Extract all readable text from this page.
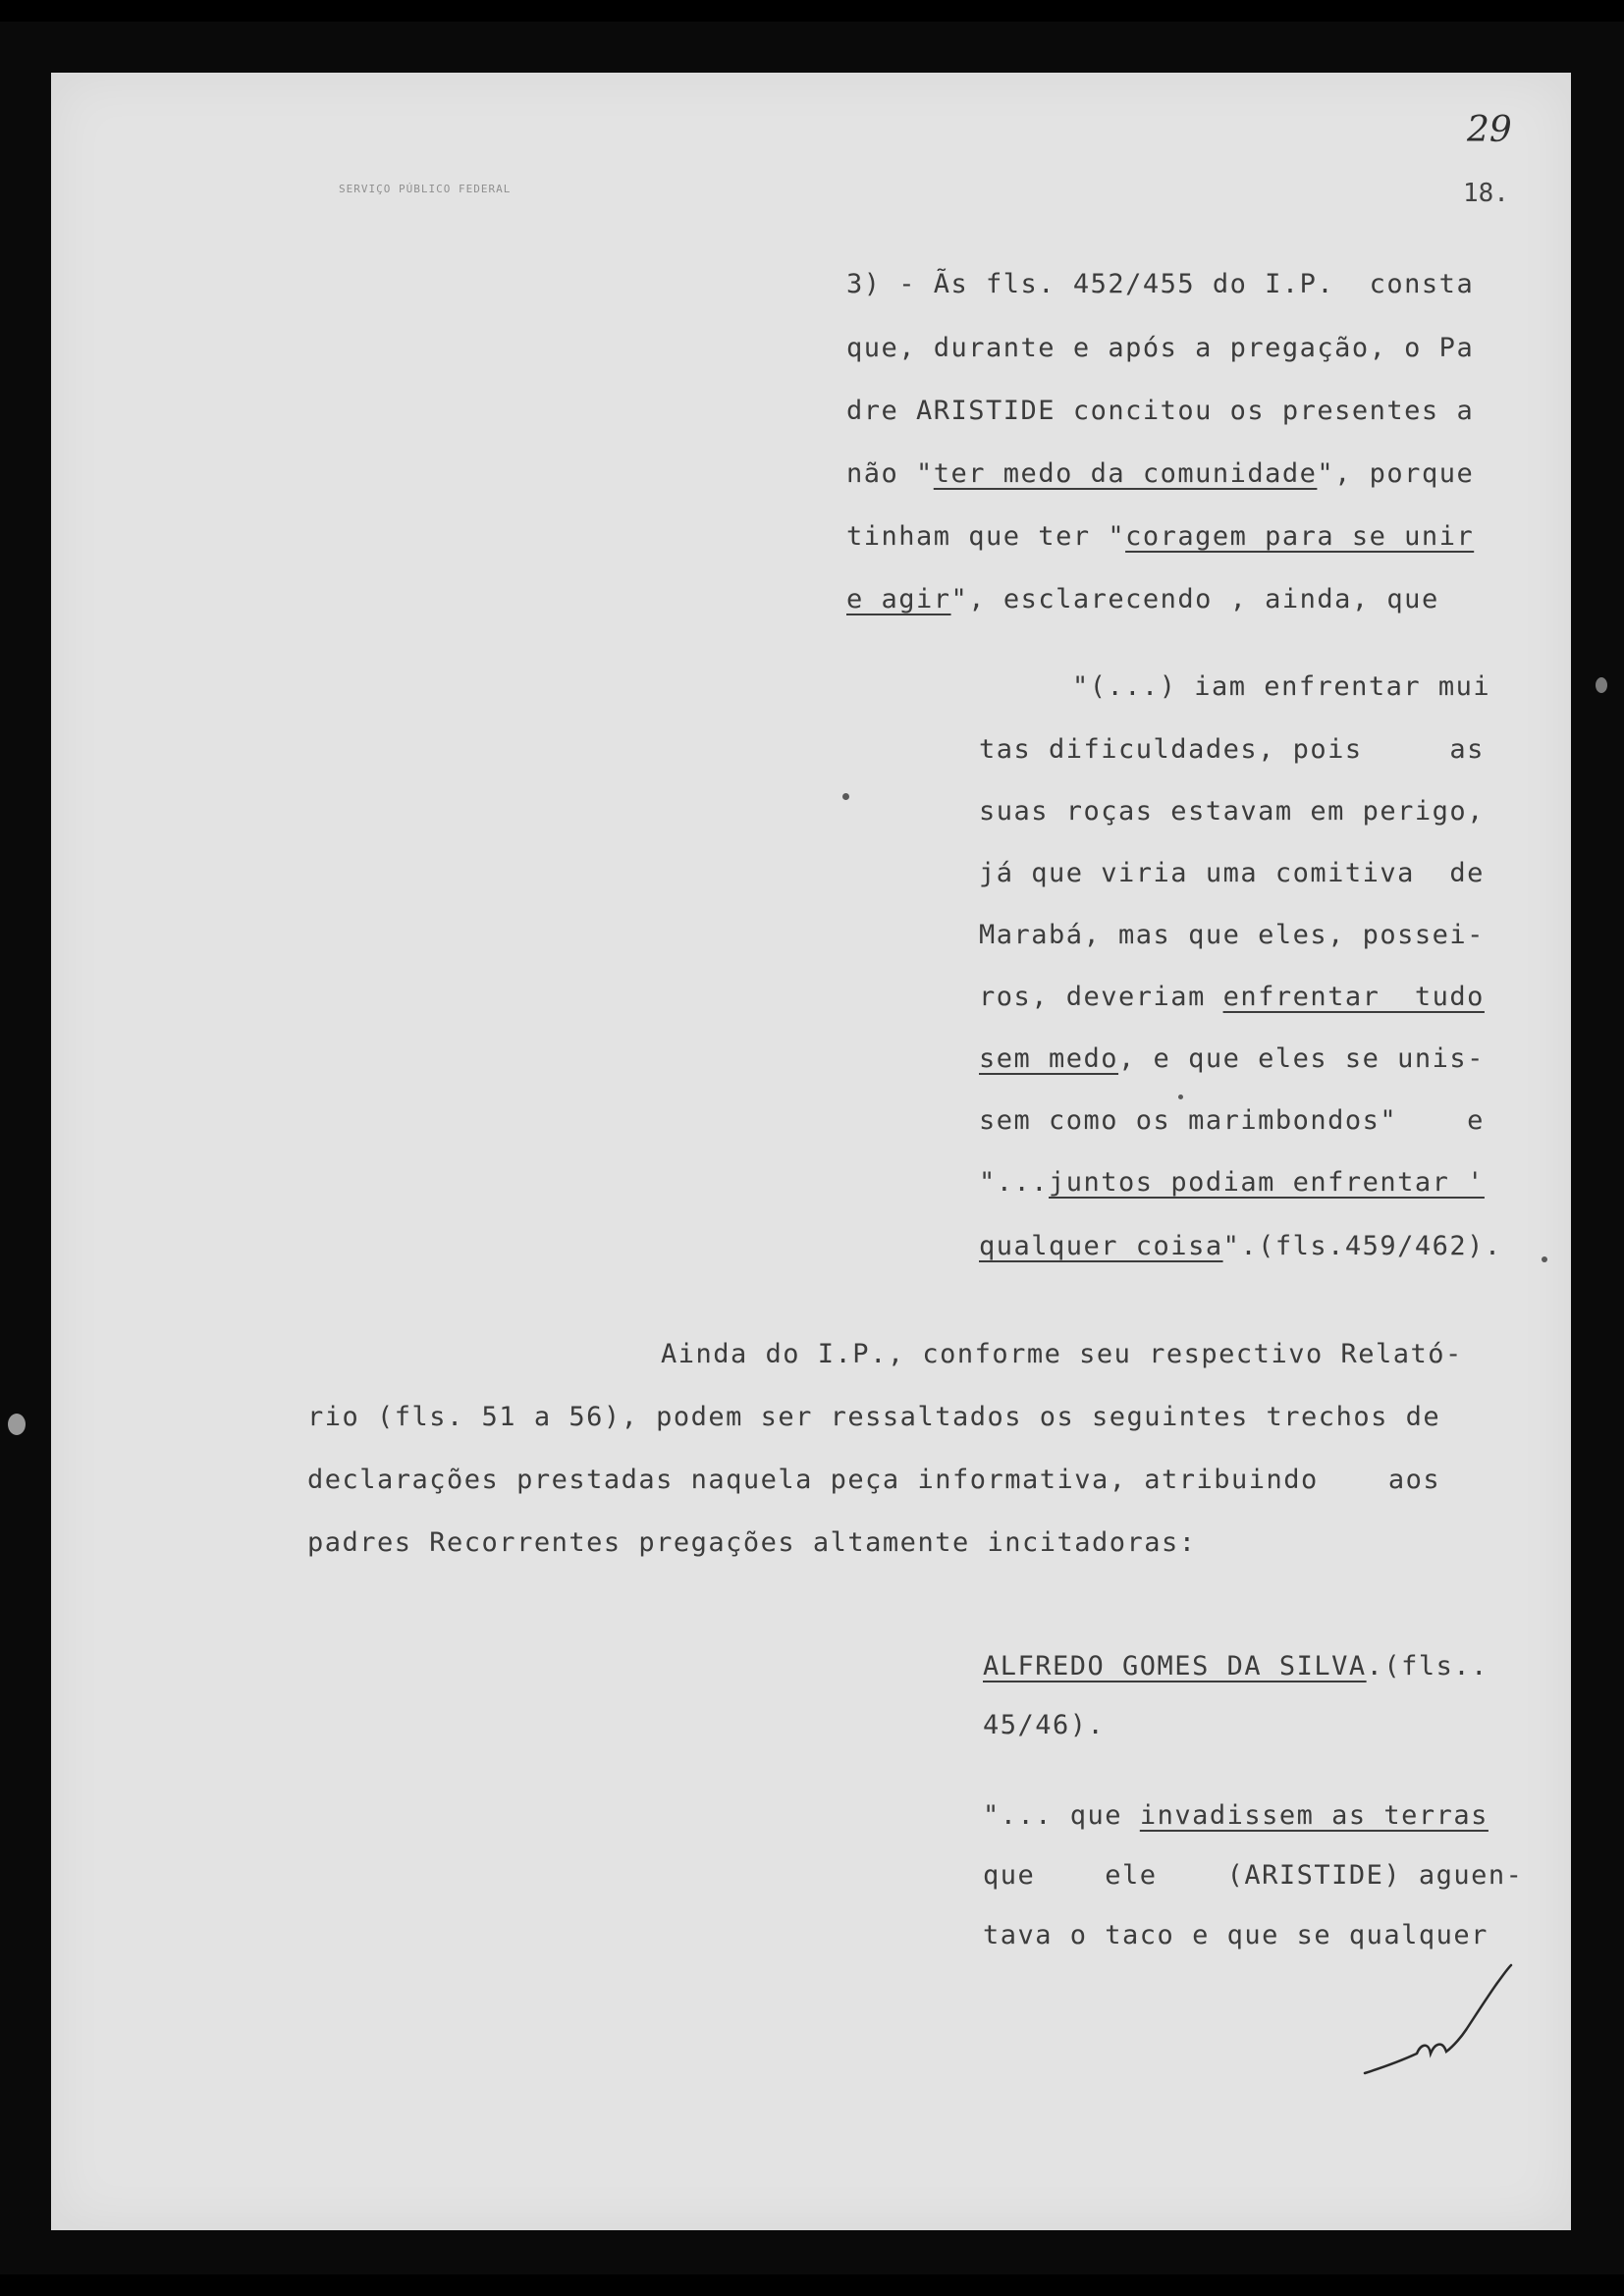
SERVIÇO PÚBLICO FEDERAL
29
18.
3) - Ãs fls. 452/455 do I.P.  consta
que, durante e após a pregação, o Pa
dre ARISTIDE concitou os presentes a
não "ter medo da comunidade", porque
tinham que ter "coragem para se unir
e agir", esclarecendo , ainda, que
"(...) iam enfrentar mui
tas dificuldades, pois     as
suas roças estavam em perigo,
já que viria uma comitiva  de
Marabá, mas que eles, possei-
ros, deveriam enfrentar  tudo
sem medo, e que eles se unis-
sem como os marimbondos"    e
"...juntos podiam enfrentar '
qualquer coisa".(fls.459/462).
Ainda do I.P., conforme seu respectivo Relató-
rio (fls. 51 a 56), podem ser ressaltados os seguintes trechos de
declarações prestadas naquela peça informativa, atribuindo    aos
padres Recorrentes pregações altamente incitadoras:
ALFREDO GOMES DA SILVA.(fls..
45/46).
"... que invadissem as terras
que    ele    (ARISTIDE) aguen-
tava o taco e que se qualquer
